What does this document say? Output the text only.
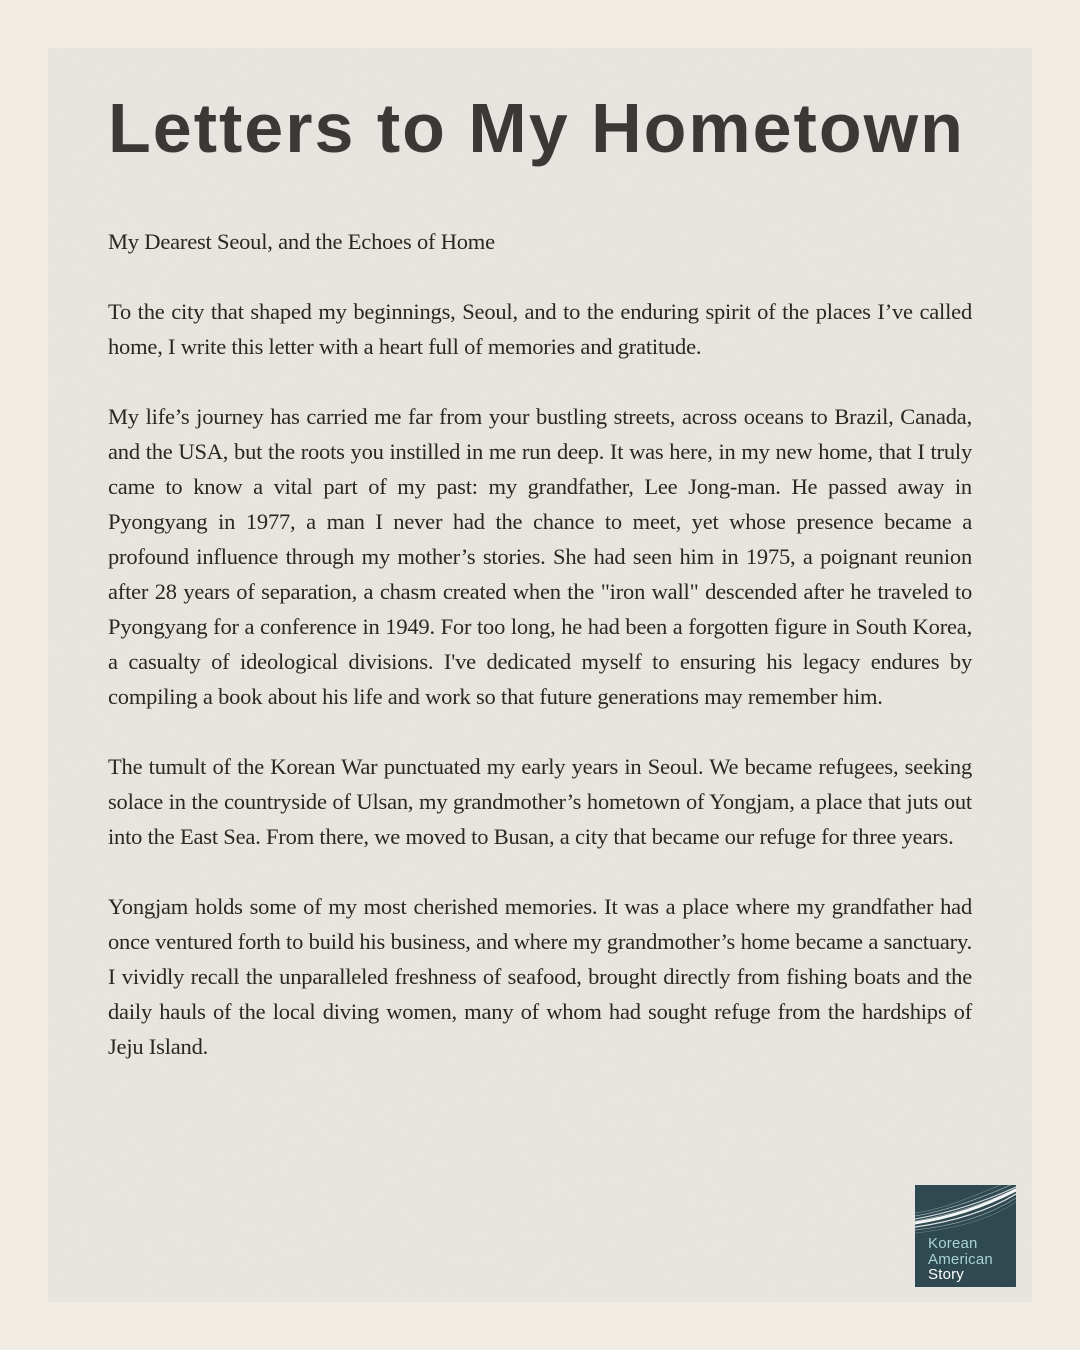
Letters to My Hometown

My Dearest Seoul, and the Echoes of Home

To the city that shaped my beginnings, Seoul, and to the enduring spirit of the places I’ve called home, I write this letter with a heart full of memories and gratitude.

My life’s journey has carried me far from your bustling streets, across oceans to Brazil, Canada, and the USA, but the roots you instilled in me run deep. It was here, in my new home, that I truly came to know a vital part of my past: my grandfather, Lee Jong-man. He passed away in Pyongyang in 1977, a man I never had the chance to meet, yet whose presence became a profound influence through my mother’s stories. She had seen him in 1975, a poignant reunion after 28 years of separation, a chasm created when the "iron wall" descended after he traveled to Pyongyang for a conference in 1949. For too long, he had been a forgotten figure in South Korea, a casualty of ideological divisions. I've dedicated myself to ensuring his legacy endures by compiling a book about his life and work so that future generations may remember him.

The tumult of the Korean War punctuated my early years in Seoul. We became refugees, seeking solace in the countryside of Ulsan, my grandmother’s hometown of Yongjam, a place that juts out into the East Sea. From there, we moved to Busan, a city that became our refuge for three years.

Yongjam holds some of my most cherished memories. It was a place where my grandfather had once ventured forth to build his business, and where my grandmother’s home became a sanctuary. I vividly recall the unparalleled freshness of seafood, brought directly from fishing boats and the daily hauls of the local diving women, many of whom had sought refuge from the hardships of Jeju Island.

Korean
American
Story
